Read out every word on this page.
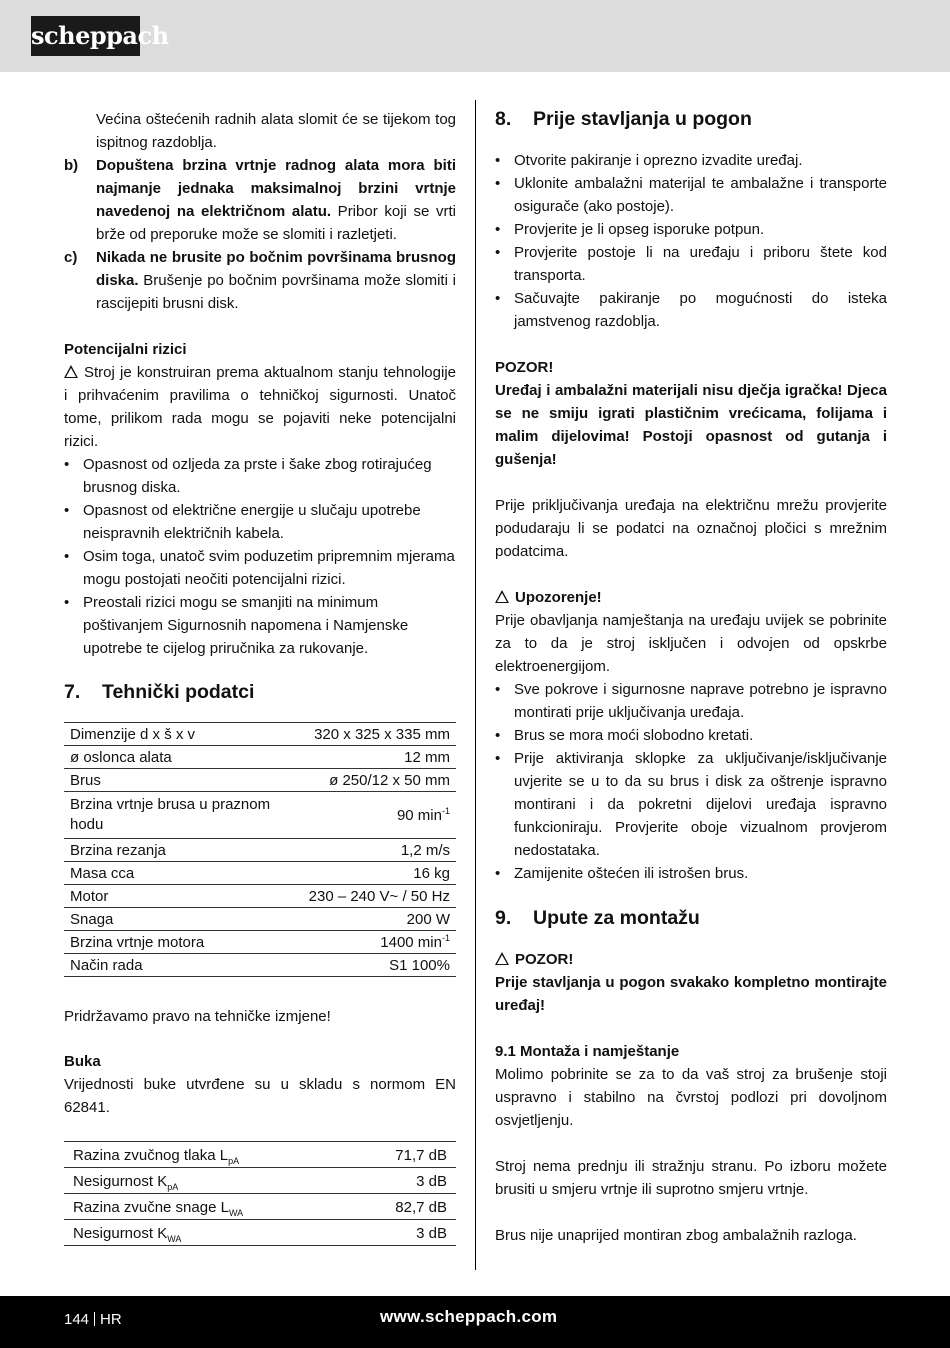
scheppach

Većina oštećenih radnih alata slomit će se tijekom tog ispitnog razdoblja.

b) Dopuštena brzina vrtnje radnog alata mora biti najmanje jednaka maksimalnoj brzini vrtnje navedenoj na električnom alatu. Pribor koji se vrti brže od preporuke može se slomiti i razletjeti.
c) Nikada ne brusite po bočnim površinama brusnog diska. Brušenje po bočnim površinama može slomiti i rascijepiti brusni disk.

Potencijalni rizici

Stroj je konstruiran prema aktualnom stanju tehnologije i prihvaćenim pravilima o tehničkoj sigurnosti. Unatoč tome, prilikom rada mogu se pojaviti neke potencijalni rizici.

• Opasnost od ozljeda za prste i šake zbog rotirajućeg brusnog diska.
• Opasnost od električne energije u slučaju upotrebe neispravnih električnih kabela.
• Osim toga, unatoč svim poduzetim pripremnim mjerama mogu postojati neočiti potencijalni rizici.
• Preostali rizici mogu se smanjiti na minimum poštivanjem Sigurnosnih napomena i Namjenske upotrebe te cijelog priručnika za rukovanje.
7. Tehnički podatci
Dimenzije d x š x v	320 x 325 x 335 mm
ø oslonca alata	12 mm
Brus	ø 250/12 x 50 mm
Brzina vrtnje brusa u praznom hodu	90 $\min^{-1}$
Brzina rezanja	1,2 m/s
Masa cca	16 kg
Motor	230 – 240 V~ / 50 Hz
Snaga	200 W
Brzina vrtnje motora	1400 $\min^{-1}$
Način rada	S1 100%

Pridržavamo pravo na tehničke izmjene!

Buka

Vrijednosti buke utvrđene su u skladu s normom EN 62841.

Razina zvučnog tlaka $L_{pA}$	71,7 dB
Nesigurnost $K_{pA}$	3 dB
Razina zvučne snage $L_{WA}$	82,7 dB
Nesigurnost $K_{WA}$	3 dB
8. Prije stavljanja u pogon
• Otvorite pakiranje i oprezno izvadite uređaj.
• Uklonite ambalažni materijal te ambalažne i transporte osigurače (ako postoje).
• Provjerite je li opseg isporuke potpun.
• Provjerite postoje li na uređaju i priboru štete kod transporta.
• Sačuvajte pakiranje po mogućnosti do isteka jamstvenog razdoblja.

POZOR!

Uređaj i ambalažni materijali nisu dječja igračka! Djeca se ne smiju igrati plastičnim vrećicama, folijama i malim dijelovima! Postoji opasnost od gutanja i gušenja!

Prije priključivanja uređaja na električnu mrežu provjerite podudaraju li se podatci na označnoj pločici s mrežnim podatcima.

Upozorenje!

Prije obavljanja namještanja na uređaju uvijek se pobrinite za to da je stroj isključen i odvojen od opskrbe elektroenergijom.

• Sve pokrove i sigurnosne naprave potrebno je ispravno montirati prije uključivanja uređaja.
• Brus se mora moći slobodno kretati.
• Prije aktiviranja sklopke za uključivanje/isključivanje uvjerite se u to da su brus i disk za oštrenje ispravno montirani i da pokretni dijelovi uređaja ispravno funkcioniraju. Provjerite oboje vizualnom provjerom nedostataka.
• Zamijenite oštećen ili istrošen brus.
9. Upute za montažu

POZOR!

Prije stavljanja u pogon svakako kompletno montirajte uređaj!

9.1 Montaža i namještanje

Molimo pobrinite se za to da vaš stroj za brušenje stoji uspravno i stabilno na čvrstoj podlozi pri dovoljnom osvjetljenju.

Stroj nema prednju ili stražnju stranu. Po izboru možete brusiti u smjeru vrtnje ili suprotno smjeru vrtnje.

Brus nije unaprijed montiran zbog ambalažnih razloga.

144 HR	www.scheppach.com
